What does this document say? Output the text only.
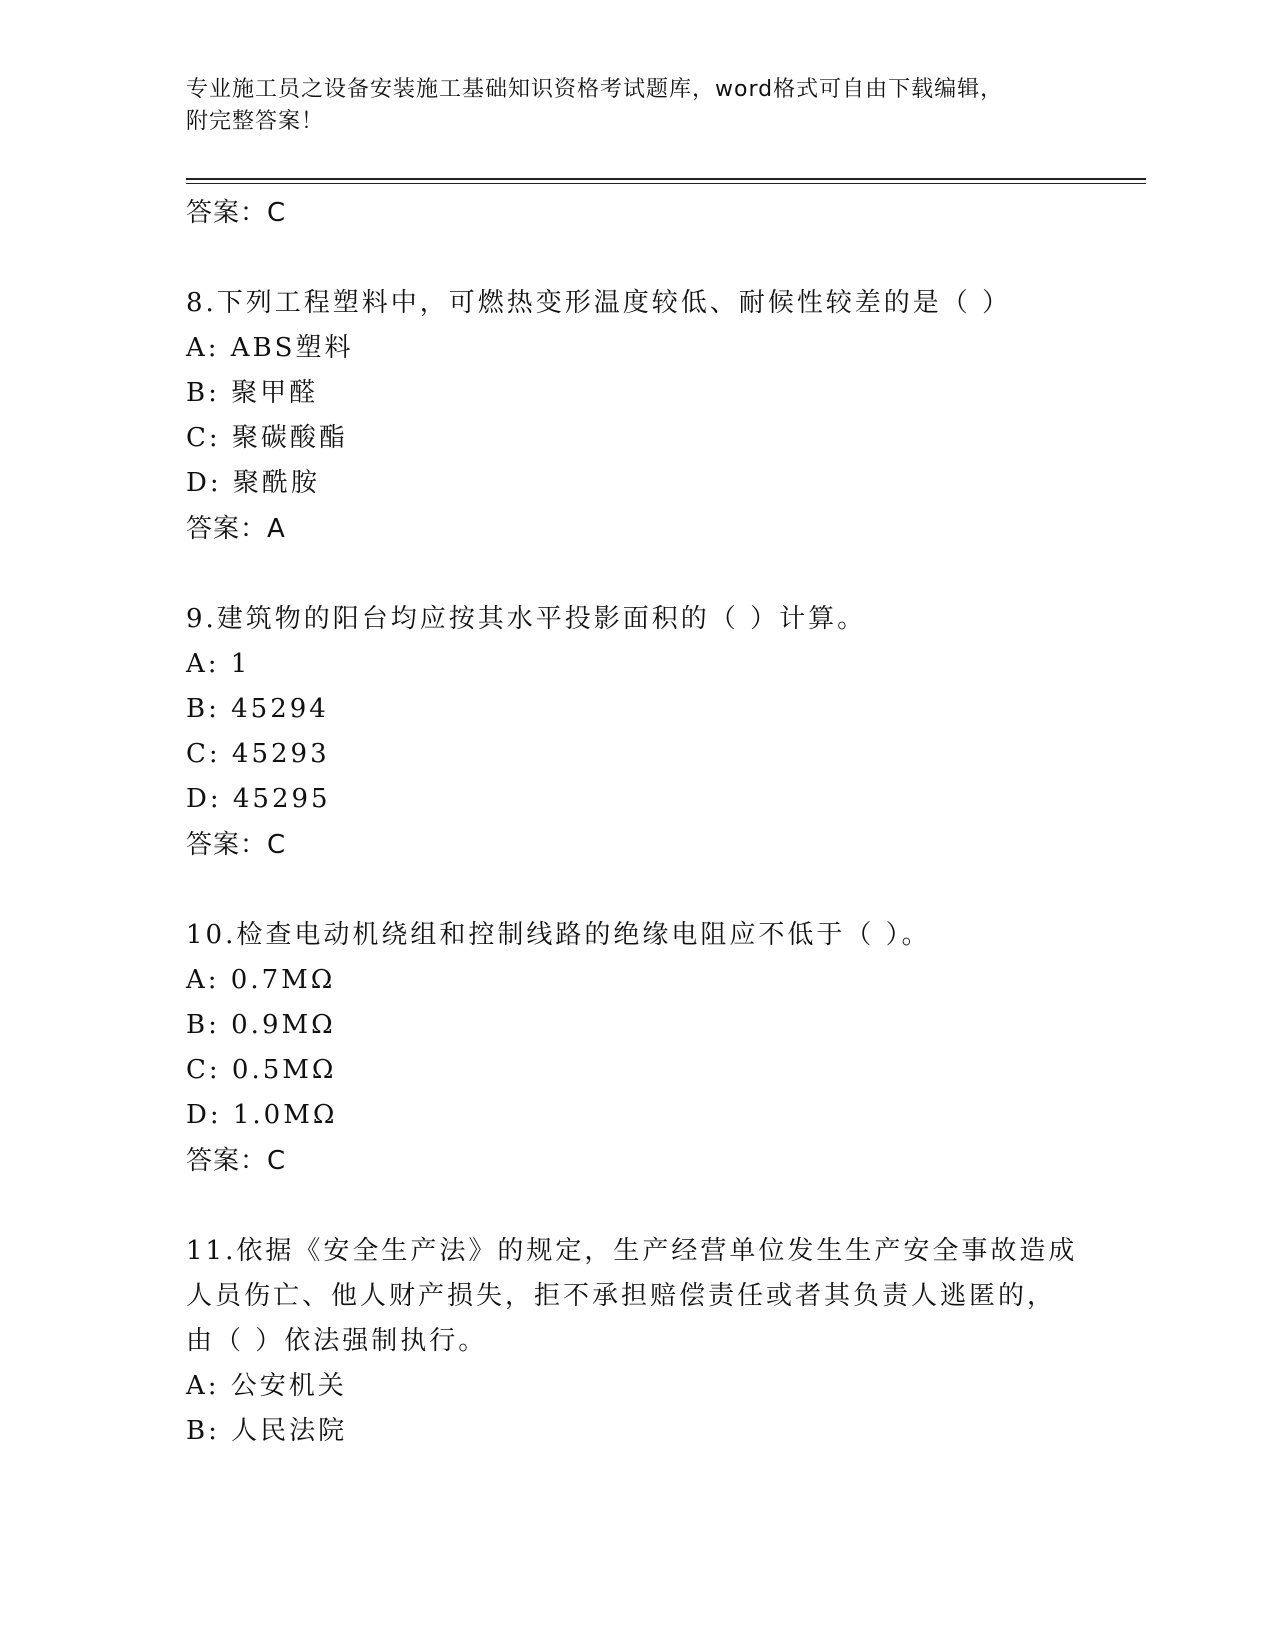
专业施工员之设备安装施工基础知识资格考试题库，word格式可自由下载编辑，
附完整答案！
答案：C
8.下列工程塑料中，可燃热变形温度较低、耐候性较差的是（ ）
A: ABS塑料
B: 聚甲醛
C: 聚碳酸酯
D: 聚酰胺
答案：A
9.建筑物的阳台均应按其水平投影面积的（ ）计算。
A: 1
B: 45294
C: 45293
D: 45295
答案：C
10.检查电动机绕组和控制线路的绝缘电阻应不低于（ ）。
A: 0.7MΩ
B: 0.9MΩ
C: 0.5MΩ
D: 1.0MΩ
答案：C
11.依据《安全生产法》的规定，生产经营单位发生生产安全事故造成
人员伤亡、他人财产损失，拒不承担赔偿责任或者其负责人逃匿的，
由（ ）依法强制执行。
A: 公安机关
B: 人民法院
